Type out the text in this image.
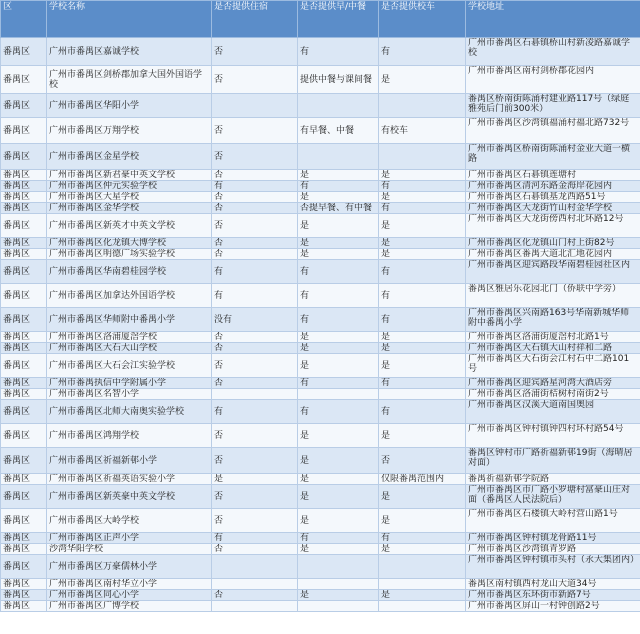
区	学校名称	是否提供住宿	是否提供早/中餐	是否提供校车	学校地址
番禺区	广州市番禺区嘉诚学校	否	有	有	广州市番禺区石碁镇桥山村新凌路嘉诚学校
番禺区	广州市番禺区剑桥郡加拿大国外国语学校	否	提供中餐与课间餐	是	广州市番禺区南村剑桥郡花园内
番禺区	广州市番禺区华阳小学				番禺区桥南街陈涌村建业路117号（绿庭雅苑后门前300米）
番禺区	广州市番禺区万翔学校	否	有早餐、中餐	有校车	广州市番禺区沙湾镇福涌村福北路732号
番禺区	广州市番禺区金星学校	否			广州市番禺区桥南街陈涌村金业大道一横路
番禺区	广州市番禺区新君豪中英文学校	否	是	是	广州市番禺区石碁镇莲塘村
番禺区	广州市番禺区仲元实验学校	有	有	有	广州市番禺区清河东路金海岸花园内
番禺区	广州市番禺区大星学校	否	是	是	广州市番禺区石碁镇基龙西路51号
番禺区	广州市番禺区金华学校	否	否提早餐、有中餐	有	广州市番禺区大龙街竹山村金华学校
番禺区	广州市番禺区新英才中英文学校	否	是	是	广州市番禺区大龙街傍西村北环路12号
番禺区	广州市番禺区化龙镇大博学校	否	是	是	广州市番禺区化龙镇山门村上街82号
番禺区	广州市番禺区明德广场实验学校	否	是	是	广州市番禺区番禺大道北汇地花园内
番禺区	广州市番禺区华南碧桂园学校	有	有	有	广州市番禺区迎宾路段华南碧桂园社区内
番禺区	广州市番禺区加拿达外国语学校	有	有	有	番禺区雅居乐花园北门（侨联中学旁）
番禺区	广州市番禺区华师附中番禺小学	没有	有	有	广州市番禺区兴南路163号华南新城华师附中番禺小学
番禺区	广州市番禺区洛浦厦滘学校	否	是	是	广州市番禺区洛浦街厦滘村北路1号
番禺区	广州市番禺区大石大山学校	否	是	是	广州市番禺区大石镇大山村祥和二路
番禺区	广州市番禺区大石会江实验学校	否	是	是	广州市番禺区大石街会江村石中二路101号
番禺区	广州市番禺执信中学附属小学	否	有	有	广州市番禺区迎宾路星河湾大酒店旁
番禺区	广州市番禺区名智小学				广州市番禺区洛浦街桔树村南街2号
番禺区	广州市番禺区北师大南奥实验学校	有	有	有	广州市番禺区汉溪大道南国奥园
番禺区	广州市番禺区鸿翔学校	否	是	是	广州市番禺区钟村镇钟四村环村路54号
番禺区	广州市番禺区祈福新邨小学	否	是	否	番禺区钟村市广路祈福新邨19街（海晴居对面）
番禺区	广州市番禺区祈福英语实验小学	是	是	仅限番禺范围内	番禺祈福新邨学院路
番禺区	广州市番禺区新英豪中英文学校	否	是	是	广州市番禺区市广路小罗塘村富豪山庄对面（番禺区人民法院后）
番禺区	广州市番禺区大岭学校	否	是	是	广州市番禺区石楼镇大岭村营山路1号
番禺区	广州市番禺区正声小学	有	有	有	广州市番禺区钟村镇龙骨路11号
番禺区	沙湾华阳学校	否	是	是	广州市番禺区沙湾镇青罗路
番禺区	广州市番禺区万豪儒林小学				广州市番禺区钟村镇市头村（永大集团内）
番禺区	广州市番禺区南村华立小学				番禺区南村镇西村龙山大道34号
番禺区	广州市番禺区同心小学	否	是	是	广州市番禺区东环街市新路7号
番禺区	广州市番禺区广博学校				广州市番禺区屏山一村钟创路2号
